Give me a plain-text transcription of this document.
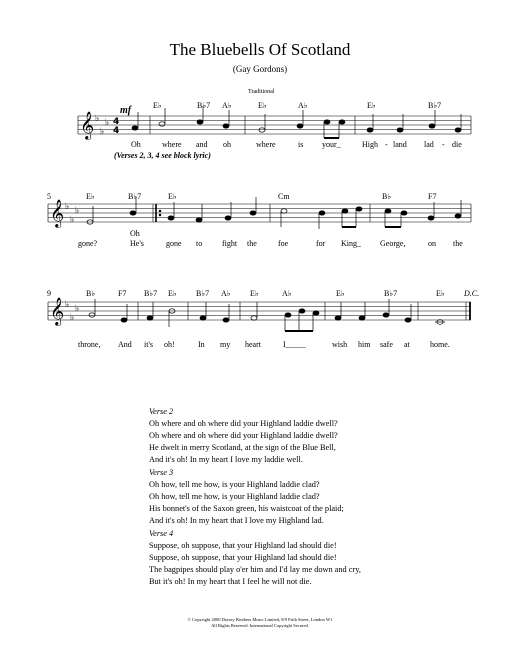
The Bluebells Of Scotland
(Gay Gordons)
Traditional
𝄞 ♭
♭
♭ 4
4
𝄞 ♭
♭
♭
𝄞 ♭
♭
♭
mf	E♭	B♭7 A♭	E♭	A♭	E♭	B♭7
E♭	B♭7	E♭	Cm	B♭	F7
B♭	F7 B♭7 E♭ B♭7 A♭ E♭	A♭	E♭	B♭7	E♭ D.C.
5
9
Oh	where and oh	where	is your_	High - land lad - die
Oh
gone?	He's	gone to fight the	foe	for King_ George,	on the
throne, And it's oh!	In my heart	I_____	wish him safe at	home.
(Verses 2, 3, 4 see block lyric)
Verse 2
Oh where and oh where did your Highland laddie dwell?
Oh where and oh where did your Highland laddie dwell?
He dwelt in merry Scotland, at the sign of the Blue Bell,
And it's oh! In my heart I love my laddie well.
Verse 3
Oh how, tell me how, is your Highland laddie clad?
Oh how, tell me how, is your Highland laddie clad?
His bonnet's of the Saxon green, his waistcoat of the plaid;
And it's oh! In my heart that I love my Highland lad.
Verse 4
Suppose, oh suppose, that your Highland lad should die!
Suppose, oh suppose, that your Highland lad should die!
The bagpipes should play o'er him and I'd lay me down and cry,
But it's oh! In my heart that I feel he will not die.
© Copyright 2000 Dorsey Brothers Music Limited, 8/9 Frith Street, London W1
All Rights Reserved. International Copyright Secured.
